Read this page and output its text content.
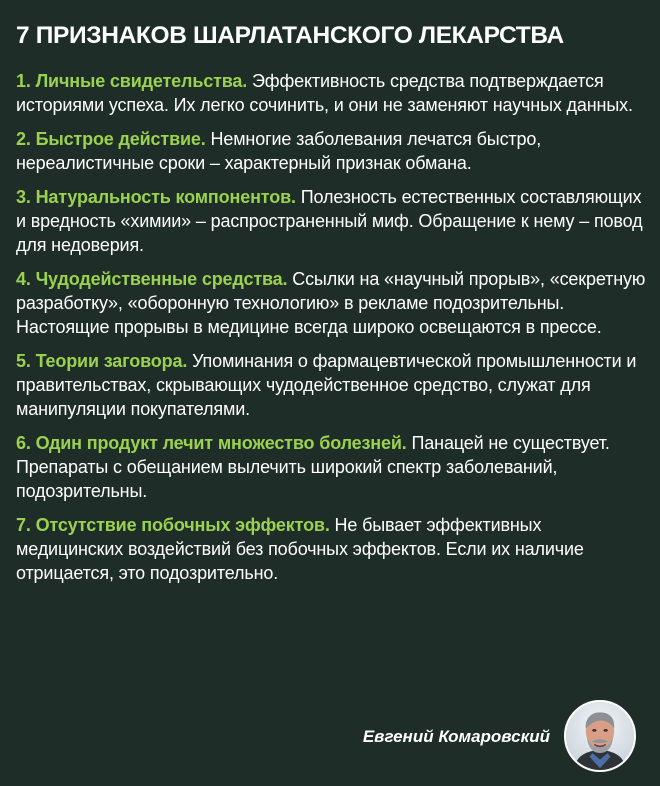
7 ПРИЗНАКОВ ШАРЛАТАНСКОГО ЛЕКАРСТВА

1. Личные свидетельства. Эффективность средства подтверждается историями успеха. Их легко сочинить, и они не заменяют научных данных.

2. Быстрое действие. Немногие заболевания лечатся быстро, нереалистичные сроки – характерный признак обмана.

3. Натуральность компонентов. Полезность естественных составляющих и вредность «химии» – распространенный миф. Обращение к нему – повод для недоверия.

4. Чудодейственные средства. Ссылки на «научный прорыв», «секретную разработку», «оборонную технологию» в рекламе подозрительны. Настоящие прорывы в медицине всегда широко освещаются в прессе.

5. Теории заговора. Упоминания о фармацевтической промышленности и правительствах, скрывающих чудодейственное средство, служат для манипуляции покупателями.

6. Один продукт лечит множество болезней. Панацей не существует. Препараты с обещанием вылечить широкий спектр заболеваний, подозрительны.

7. Отсутствие побочных эффектов. Не бывает эффективных медицинских воздействий без побочных эффектов. Если их наличие отрицается, это подозрительно.

Евгений Комаровский
